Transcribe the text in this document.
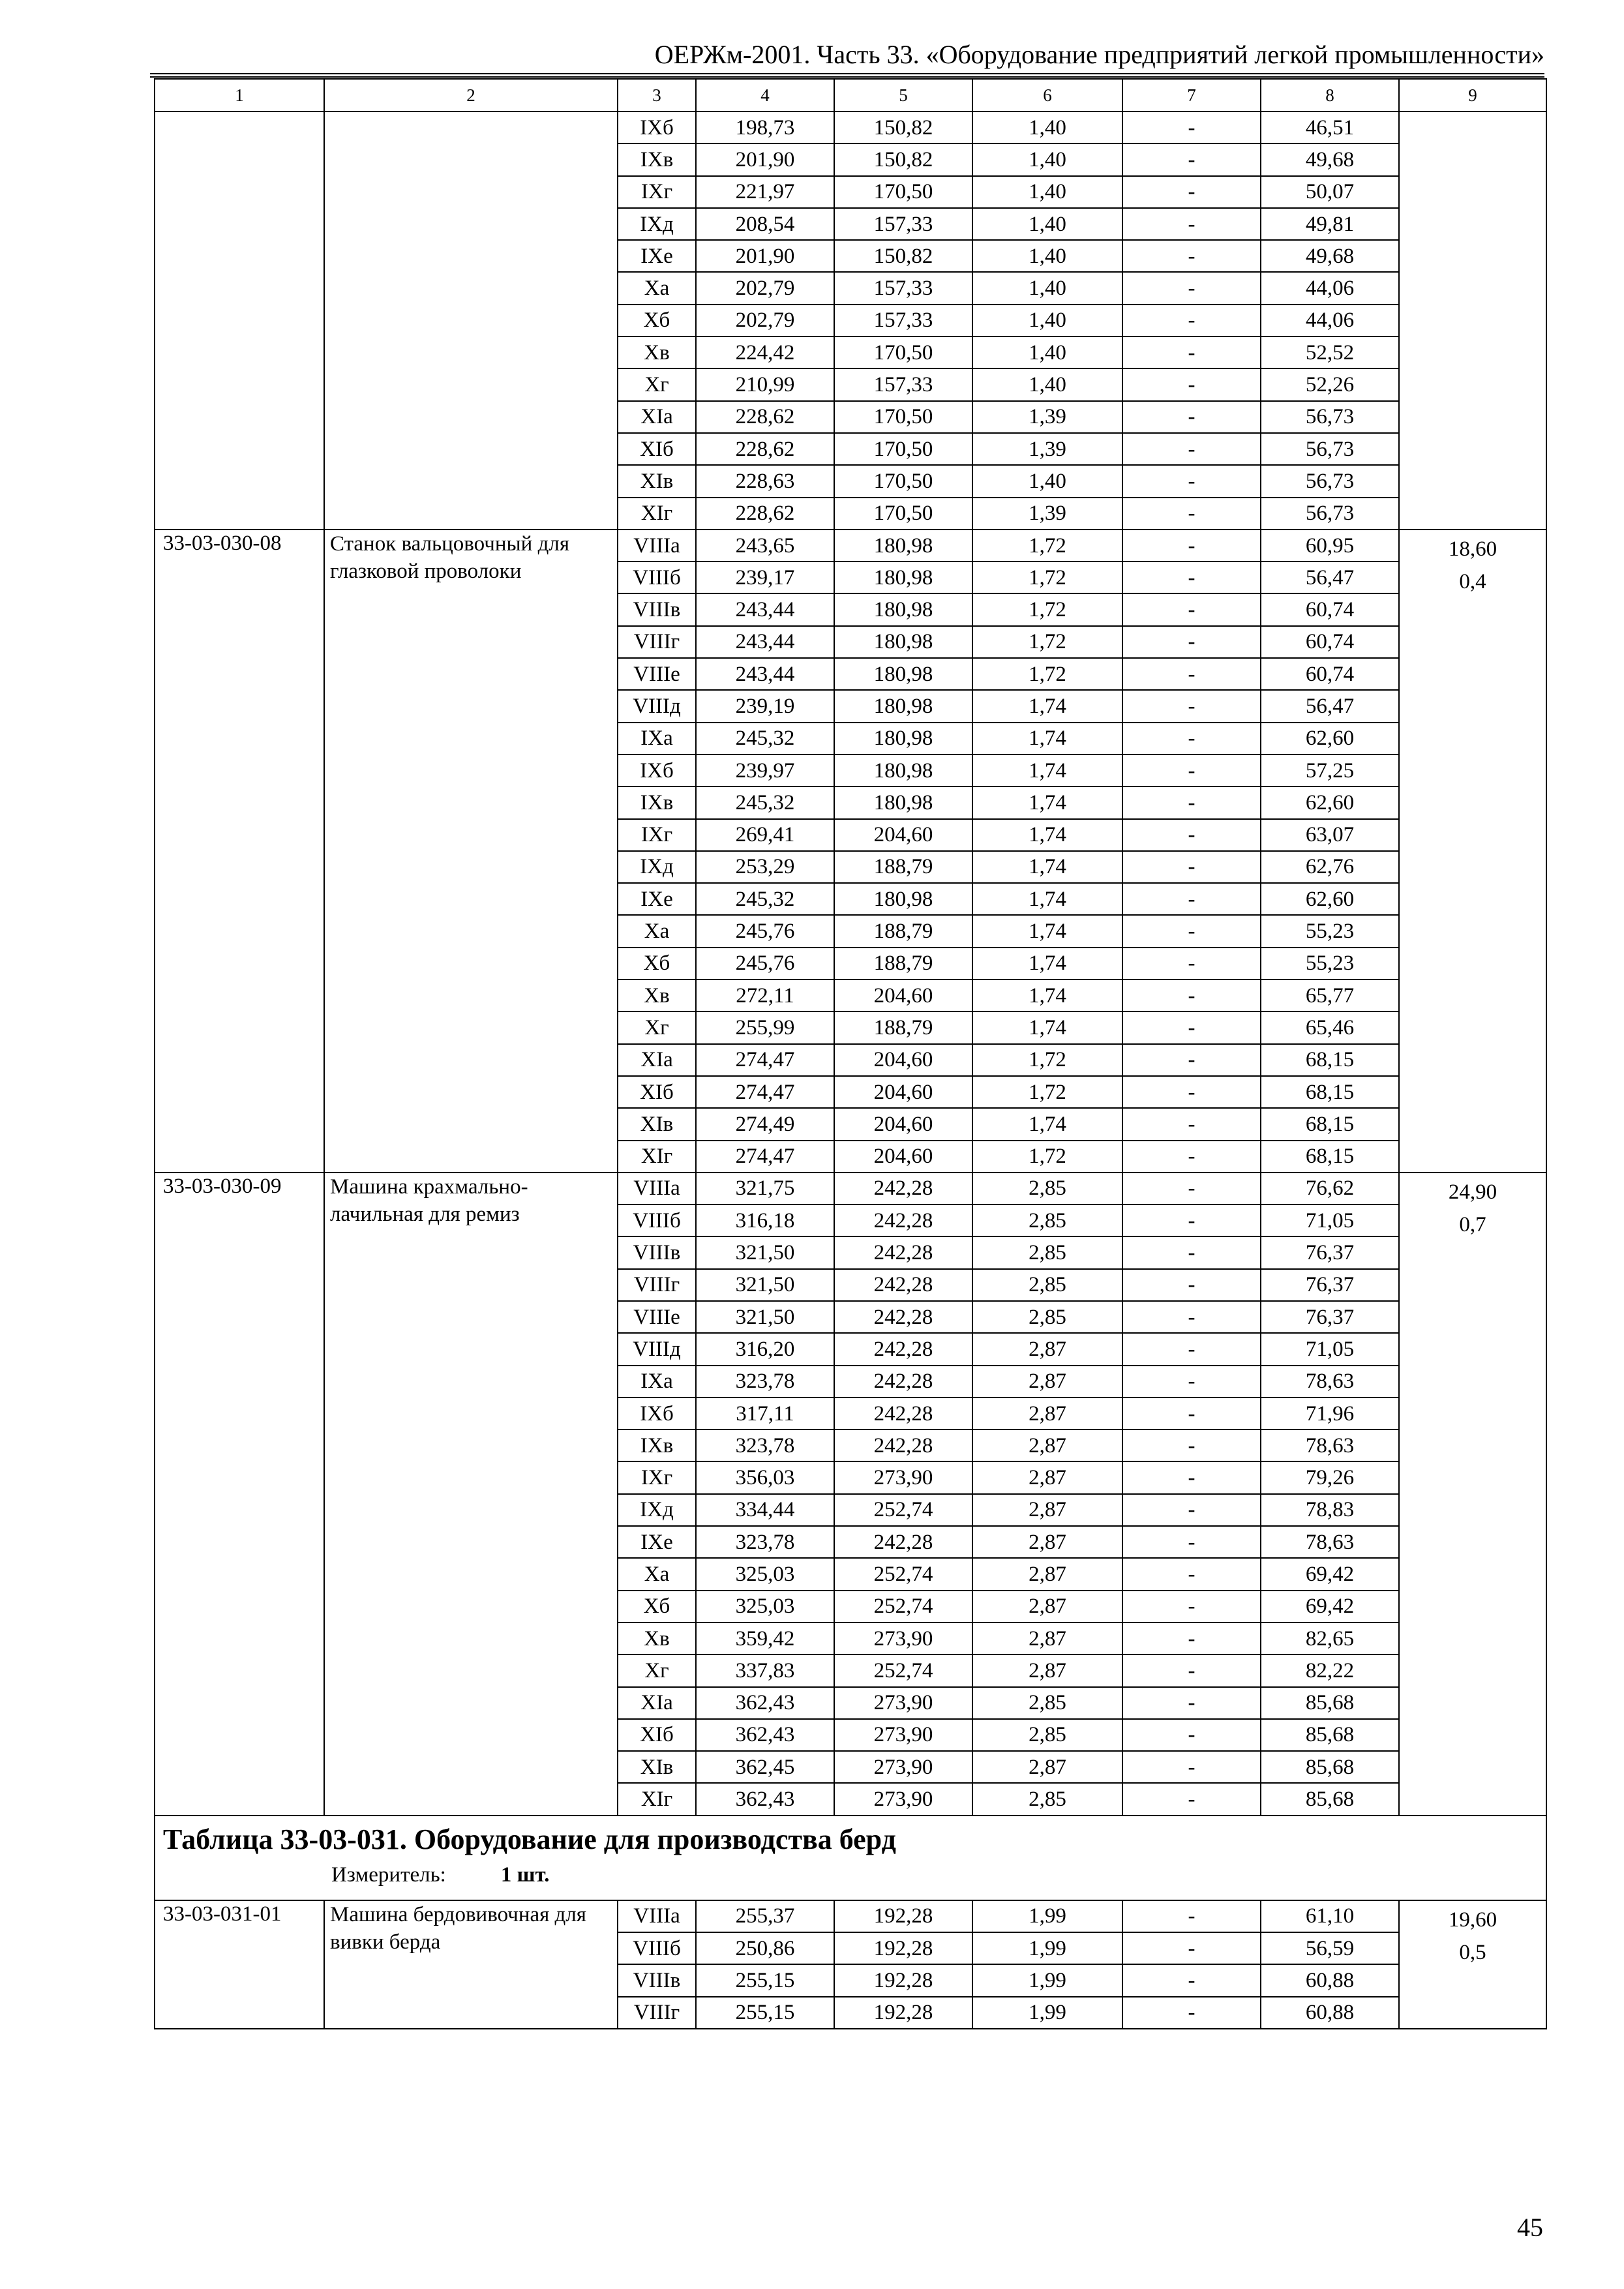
ОЕРЖм-2001. Часть 33. «Оборудование предприятий легкой промышленности»
1	2	3	4	5	6	7	8	9
		IXб	198,73	150,82	1,40	-	46,51	
		IXв	201,90	150,82	1,40	-	49,68	
		IXг	221,97	170,50	1,40	-	50,07	
		IXд	208,54	157,33	1,40	-	49,81	
		IXе	201,90	150,82	1,40	-	49,68	
		Xа	202,79	157,33	1,40	-	44,06	
		Xб	202,79	157,33	1,40	-	44,06	
		Xв	224,42	170,50	1,40	-	52,52	
		Xг	210,99	157,33	1,40	-	52,26	
		XIа	228,62	170,50	1,39	-	56,73	
		XIб	228,62	170,50	1,39	-	56,73	
		XIв	228,63	170,50	1,40	-	56,73	
		XIг	228,62	170,50	1,39	-	56,73	
33-03-030-08	Станок вальцовочный для глазковой проволоки	VIIIа	243,65	180,98	1,72	-	60,95	18,60
0,4

		VIIIб	239,17	180,98	1,72	-	56,47	
		VIIIв	243,44	180,98	1,72	-	60,74	
		VIIIг	243,44	180,98	1,72	-	60,74	
		VIIIе	243,44	180,98	1,72	-	60,74	
		VIIIд	239,19	180,98	1,74	-	56,47	
		IXа	245,32	180,98	1,74	-	62,60	
		IXб	239,97	180,98	1,74	-	57,25	
		IXв	245,32	180,98	1,74	-	62,60	
		IXг	269,41	204,60	1,74	-	63,07	
		IXд	253,29	188,79	1,74	-	62,76	
		IXе	245,32	180,98	1,74	-	62,60	
		Xа	245,76	188,79	1,74	-	55,23	
		Xб	245,76	188,79	1,74	-	55,23	
		Xв	272,11	204,60	1,74	-	65,77	
		Xг	255,99	188,79	1,74	-	65,46	
		XIа	274,47	204,60	1,72	-	68,15	
		XIб	274,47	204,60	1,72	-	68,15	
		XIв	274,49	204,60	1,74	-	68,15	
		XIг	274,47	204,60	1,72	-	68,15	
33-03-030-09	Машина крахмально-лачильная для ремиз	VIIIа	321,75	242,28	2,85	-	76,62	24,90
0,7

		VIIIб	316,18	242,28	2,85	-	71,05	
		VIIIв	321,50	242,28	2,85	-	76,37	
		VIIIг	321,50	242,28	2,85	-	76,37	
		VIIIе	321,50	242,28	2,85	-	76,37	
		VIIIд	316,20	242,28	2,87	-	71,05	
		IXа	323,78	242,28	2,87	-	78,63	
		IXб	317,11	242,28	2,87	-	71,96	
		IXв	323,78	242,28	2,87	-	78,63	
		IXг	356,03	273,90	2,87	-	79,26	
		IXд	334,44	252,74	2,87	-	78,83	
		IXе	323,78	242,28	2,87	-	78,63	
		Xа	325,03	252,74	2,87	-	69,42	
		Xб	325,03	252,74	2,87	-	69,42	
		Xв	359,42	273,90	2,87	-	82,65	
		Xг	337,83	252,74	2,87	-	82,22	
		XIа	362,43	273,90	2,85	-	85,68	
		XIб	362,43	273,90	2,85	-	85,68	
		XIв	362,45	273,90	2,87	-	85,68	
		XIг	362,43	273,90	2,85	-	85,68	

Таблица 33-03-031. Оборудование для производства берд
Измеритель: 1 шт.								

33-03-031-01	Машина бердовивочная для вивки берда	VIIIа	255,37	192,28	1,99	-	61,10	19,60
0,5

		VIIIб	250,86	192,28	1,99	-	56,59	
		VIIIв	255,15	192,28	1,99	-	60,88	
		VIIIг	255,15	192,28	1,99	-	60,88	
45
